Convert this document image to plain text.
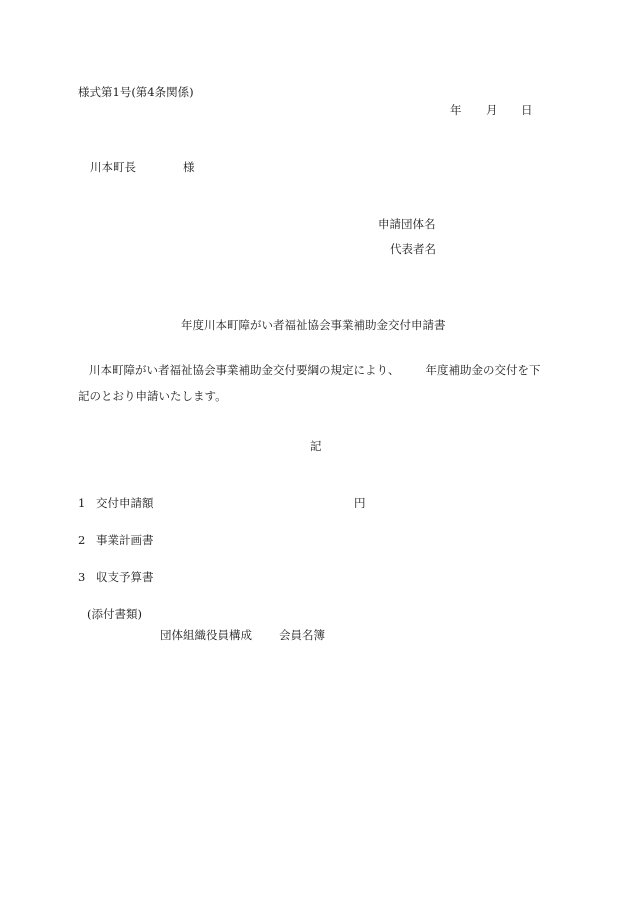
様式第1号(第4条関係)
年 月 日
川本町長	様
申請団体名
代表者名
年度川本町障がい者福祉協会事業補助金交付申請書
川本町障がい者福祉協会事業補助金交付要綱の規定により、 年度補助金の交付を下
記のとおり申請いたします。
記
1 交付申請額	円
2 事業計画書
3 収支予算書
(添付書類)
団体組織役員構成 会員名簿
